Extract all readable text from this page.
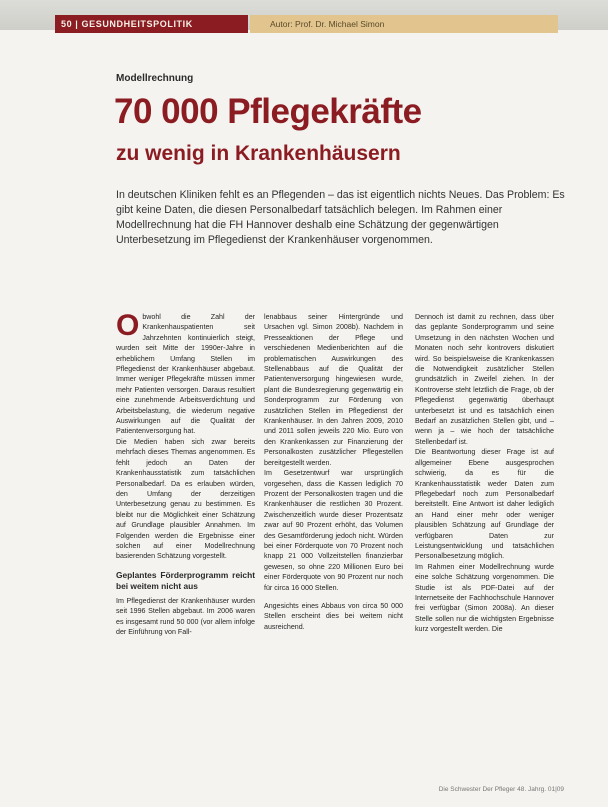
50 | GESUNDHEITSPOLITIK	Autor: Prof. Dr. Michael Simon
Modellrechnung
70 000 Pflegekräfte
zu wenig in Krankenhäusern
In deutschen Kliniken fehlt es an Pflegenden – das ist eigentlich nichts Neues. Das Problem: Es gibt keine Daten, die diesen Personalbedarf tatsächlich belegen. Im Rahmen einer Modellrechnung hat die FH Hannover deshalb eine Schätzung der gegenwärtigen Unterbesetzung im Pflegedienst der Krankenhäuser vorgenommen.

Obwohl die Zahl der Krankenhauspatienten seit Jahrzehnten kontinuierlich steigt, wurden seit Mitte der 1990er-Jahre in erheblichem Umfang Stellen im Pflegedienst der Krankenhäuser abgebaut. Immer weniger Pflegekräfte müssen immer mehr Patienten versorgen. Daraus resultiert eine zunehmende Arbeitsverdichtung und Arbeitsbelastung, die wiederum negative Auswirkungen auf die Qualität der Patientenversorgung hat.

Die Medien haben sich zwar bereits mehrfach dieses Themas angenommen. Es fehlt jedoch an Daten der Krankenhausstatistik zum tatsächlichen Personalbedarf. Da es erlauben würden, den Umfang der derzeitigen Unterbesetzung genau zu bestimmen. Es bleibt nur die Möglichkeit einer Schätzung auf Grundlage plausibler Annahmen. Im Folgenden werden die Ergebnisse einer solchen auf einer Modellrechnung basierenden Schätzung vorgestellt.

Geplantes Förderprogramm reicht bei weitem nicht aus

Im Pflegedienst der Krankenhäuser wurden seit 1996 Stellen abgebaut. Im 2006 waren es insgesamt rund 50 000 (vor allem infolge der Einführung von Fall-

lenabbaus seiner Hintergründe und Ursachen vgl. Simon 2008b). Nachdem in Presseaktionen der Pflege und verschiedenen Medienberichten auf die problematischen Auswirkungen des Stellenabbaus auf die Qualität der Patientenversorgung hingewiesen wurde, plant die Bundesregierung gegenwärtig ein Sonderprogramm zur Förderung von zusätzlichen Stellen im Pflegedienst der Krankenhäuser. In den Jahren 2009, 2010 und 2011 sollen jeweils 220 Mio. Euro von den Krankenkassen zur Finanzierung der Personalkosten zusätzlicher Pflegestellen bereitgestellt werden.

Im Gesetzentwurf war ursprünglich vorgesehen, dass die Kassen lediglich 70 Prozent der Personalkosten tragen und die Krankenhäuser die restlichen 30 Prozent. Zwischenzeitlich wurde dieser Prozentsatz zwar auf 90 Prozent erhöht, das Volumen des Gesamtförderung jedoch nicht. Würden bei einer Förderquote von 70 Prozent noch knapp 21 000 Vollzeitstellen finanzierbar gewesen, so ohne 220 Millionen Euro bei einer Förderquote von 90 Prozent nur noch für circa 16 000 Stellen.

Angesichts eines Abbaus von circa 50 000 Stellen erscheint dies bei weitem nicht ausreichend.

Dennoch ist damit zu rechnen, dass über das geplante Sonderprogramm und seine Umsetzung in den nächsten Wochen und Monaten noch sehr kontrovers diskutiert wird. So beispielsweise die Krankenkassen die Notwendigkeit zusätzlicher Stellen grundsätzlich in Zweifel ziehen. In der Kontroverse steht letztlich die Frage, ob der Pflegedienst gegenwärtig überhaupt unterbesetzt ist und es tatsächlich einen Bedarf an zusätzlichen Stellen gibt, und – wenn ja – wie hoch der tatsächliche Stellenbedarf ist.

Die Beantwortung dieser Frage ist auf allgemeiner Ebene ausgesprochen schwierig, da es für die Krankenhausstatistik weder Daten zum Pflegebedarf noch zum Personalbedarf bereitstellt. Eine Antwort ist daher lediglich an Hand einer mehr oder weniger plausiblen Schätzung auf Grundlage der verfügbaren Daten zur Leistungsentwicklung und tatsächlichen Personalbesetzung möglich.

Im Rahmen einer Modellrechnung wurde eine solche Schätzung vorgenommen. Die Studie ist als PDF-Datei auf der Internetseite der Fachhochschule Hannover frei verfügbar (Simon 2008a). An dieser Stelle sollen nur die wichtigsten Ergebnisse kurz vorgestellt werden. Die

Die Schwester Der Pfleger 48. Jahrg. 01|09
